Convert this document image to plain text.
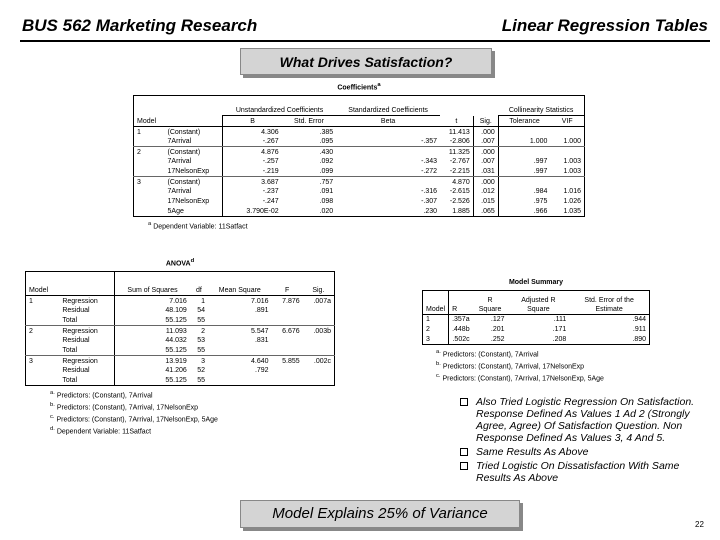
BUS 562 Marketing Research	Linear Regression Tables
What Drives Satisfaction?
Coefficients$^a$
		Unstandardized Coefficients		Standardized Coefficients			Collinearity Statistics	
Model		B	Std. Error	Beta	t	Sig.	Tolerance	VIF
1	(Constant)	4.306	.385		11.413	.000		
	7Arrival	-.267	.095	-.357	-2.806	.007	1.000	1.000
2	(Constant)	4.876	.430		11.325	.000		
	7Arrival	-.257	.092	-.343	-2.767	.007	.997	1.003
	17NelsonExp	-.219	.099	-.272	-2.215	.031	.997	1.003
3	(Constant)	3.687	.757		4.870	.000		
	7Arrival	-.237	.091	-.316	-2.615	.012	.984	1.016
	17NelsonExp	-.247	.098	-.307	-2.526	.015	.975	1.026
	5Age	3.790E-02	.020	.230	1.885	.065	.966	1.035
$^a$ Dependent Variable: 11Satfact
ANOVA$^d$
Model		Sum of Squares	df	Mean Square	F	Sig.
1	Regression	7.016	1	7.016	7.876	.007a
	Residual	48.109	54	.891		
	Total	55.125	55			
2	Regression	11.093	2	5.547	6.676	.003b
	Residual	44.032	53	.831		
	Total	55.125	55			
3	Regression	13.919	3	4.640	5.855	.002c
	Residual	41.206	52	.792		
	Total	55.125	55			
$^{a.}$ Predictors: (Constant), 7Arrival
$^{b.}$ Predictors: (Constant), 7Arrival, 17NelsonExp
$^{c.}$ Predictors: (Constant), 7Arrival, 17NelsonExp, 5Age
$^{d.}$ Dependent Variable: 11Satfact
Model Summary
Model	R	R Square	Adjusted R Square	Std. Error of the Estimate
1	.357a	.127	.111	.944
2	.448b	.201	.171	.911
3	.502c	.252	.208	.890
$^{a.}$ Predictors: (Constant), 7Arrival
$^{b.}$ Predictors: (Constant), 7Arrival, 17NelsonExp
$^{c.}$ Predictors: (Constant), 7Arrival, 17NelsonExp, 5Age
Also Tried Logistic Regression On Satisfaction. Response Defined As Values 1 Ad 2 (Strongly Agree, Agree) Of Satisfaction Question. Non Response Defined As Values 3, 4 And 5.
Same Results As Above
Tried Logistic On Dissatisfaction With Same Results As Above
Model Explains 25% of Variance
22
